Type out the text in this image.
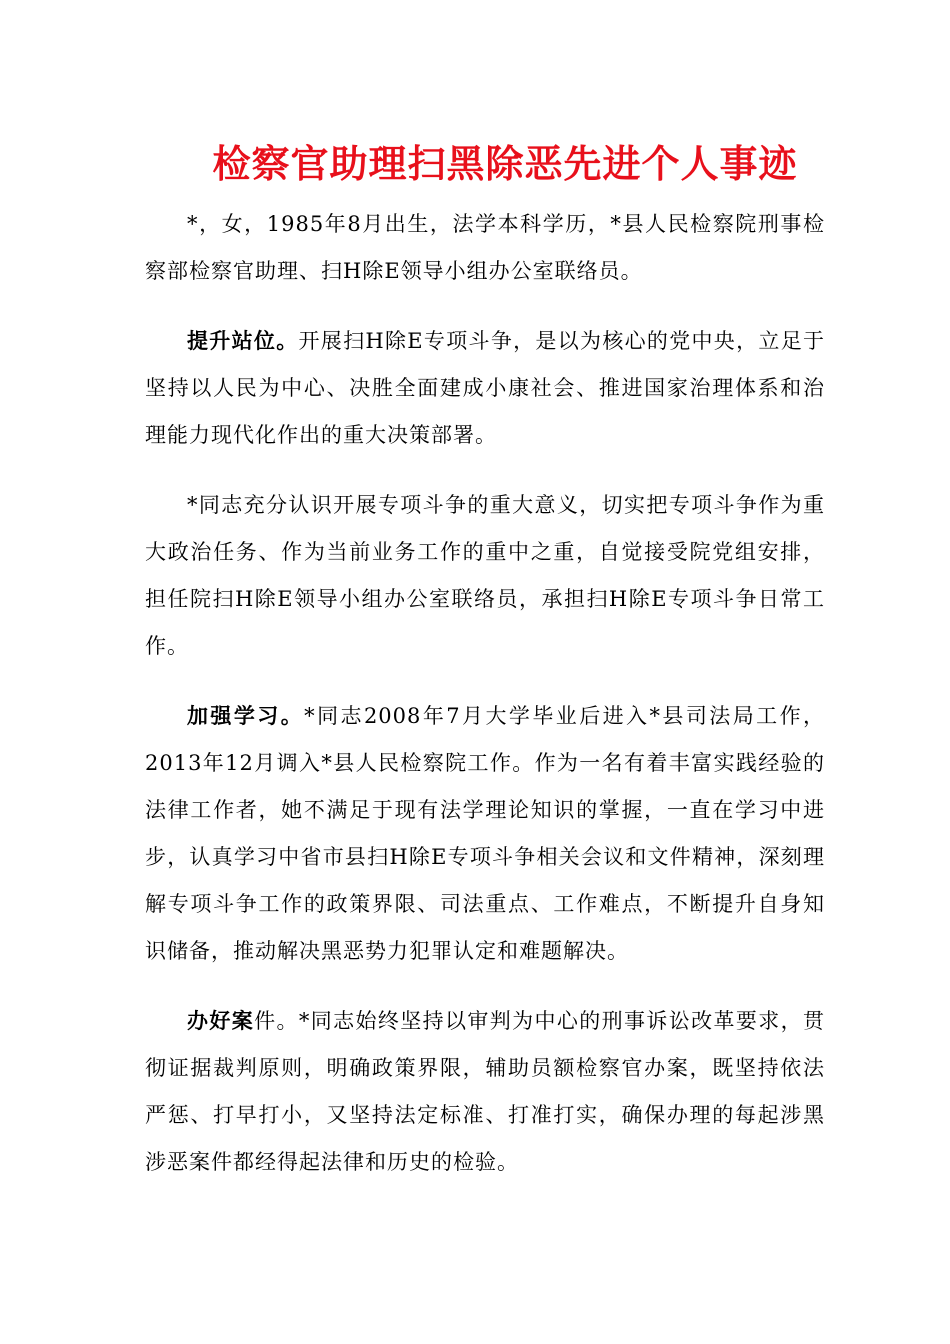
检察官助理扫黑除恶先进个人事迹

*，女，1985年8月出生，法学本科学历，*县人民检察院刑事检察部检察官助理、扫H除E领导小组办公室联络员。

提升站位。开展扫H除E专项斗争，是以为核心的党中央，立足于坚持以人民为中心、决胜全面建成小康社会、推进国家治理体系和治理能力现代化作出的重大决策部署。

*同志充分认识开展专项斗争的重大意义，切实把专项斗争作为重大政治任务、作为当前业务工作的重中之重，自觉接受院党组安排，担任院扫H除E领导小组办公室联络员，承担扫H除E专项斗争日常工作。

加强学习。*同志2008年7月大学毕业后进入*县司法局工作，2013年12月调入*县人民检察院工作。作为一名有着丰富实践经验的法律工作者，她不满足于现有法学理论知识的掌握，一直在学习中进步，认真学习中省市县扫H除E专项斗争相关会议和文件精神，深刻理解专项斗争工作的政策界限、司法重点、工作难点，不断提升自身知识储备，推动解决黑恶势力犯罪认定和难题解决。

办好案件。*同志始终坚持以审判为中心的刑事诉讼改革要求，贯彻证据裁判原则，明确政策界限，辅助员额检察官办案，既坚持依法严惩、打早打小，又坚持法定标准、打准打实，确保办理的每起涉黑涉恶案件都经得起法律和历史的检验。
